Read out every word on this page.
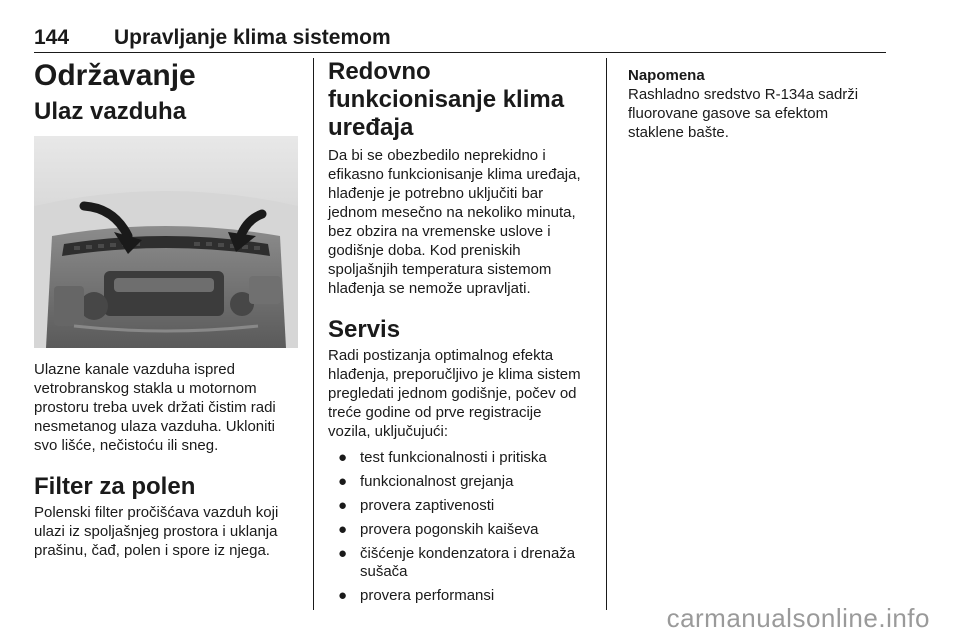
144 Upravljanje klima sistemom
Održavanje
Ulaz vazduha

Ulazne kanale vazduha ispred vetrobranskog stakla u motornom prostoru treba uvek držati čistim radi nesmetanog ulaza vazduha. Ukloniti svo lišće, nečistoću ili sneg.

Filter za polen

Polenski filter pročišćava vazduh koji ulazi iz spoljašnjeg prostora i uklanja prašinu, čađ, polen i spore iz njega.

Redovno funkcionisanje klima uređaja

Da bi se obezbedilo neprekidno i efikasno funkcionisanje klima uređaja, hlađenje je potrebno uključiti bar jednom mesečno na nekoliko minuta, bez obzira na vremenske uslove i godišnje doba. Kod preniskih spoljašnjih temperatura sistemom hlađenja se nemože upravljati.

Servis

Radi postizanja optimalnog efekta hlađenja, preporučljivo je klima sistem pregledati jednom godišnje, počev od treće godine od prve registracije vozila, uključujući:

● test funkcionalnosti i pritiska
● funkcionalnost grejanja
● provera zaptivenosti
● provera pogonskih kaiševa
● čišćenje kondenzatora i drenaža sušača
● provera performansi
Napomena

Rashladno sredstvo R-134a sadrži fluorovane gasove sa efektom staklene bašte.

carmanualsonline.info
